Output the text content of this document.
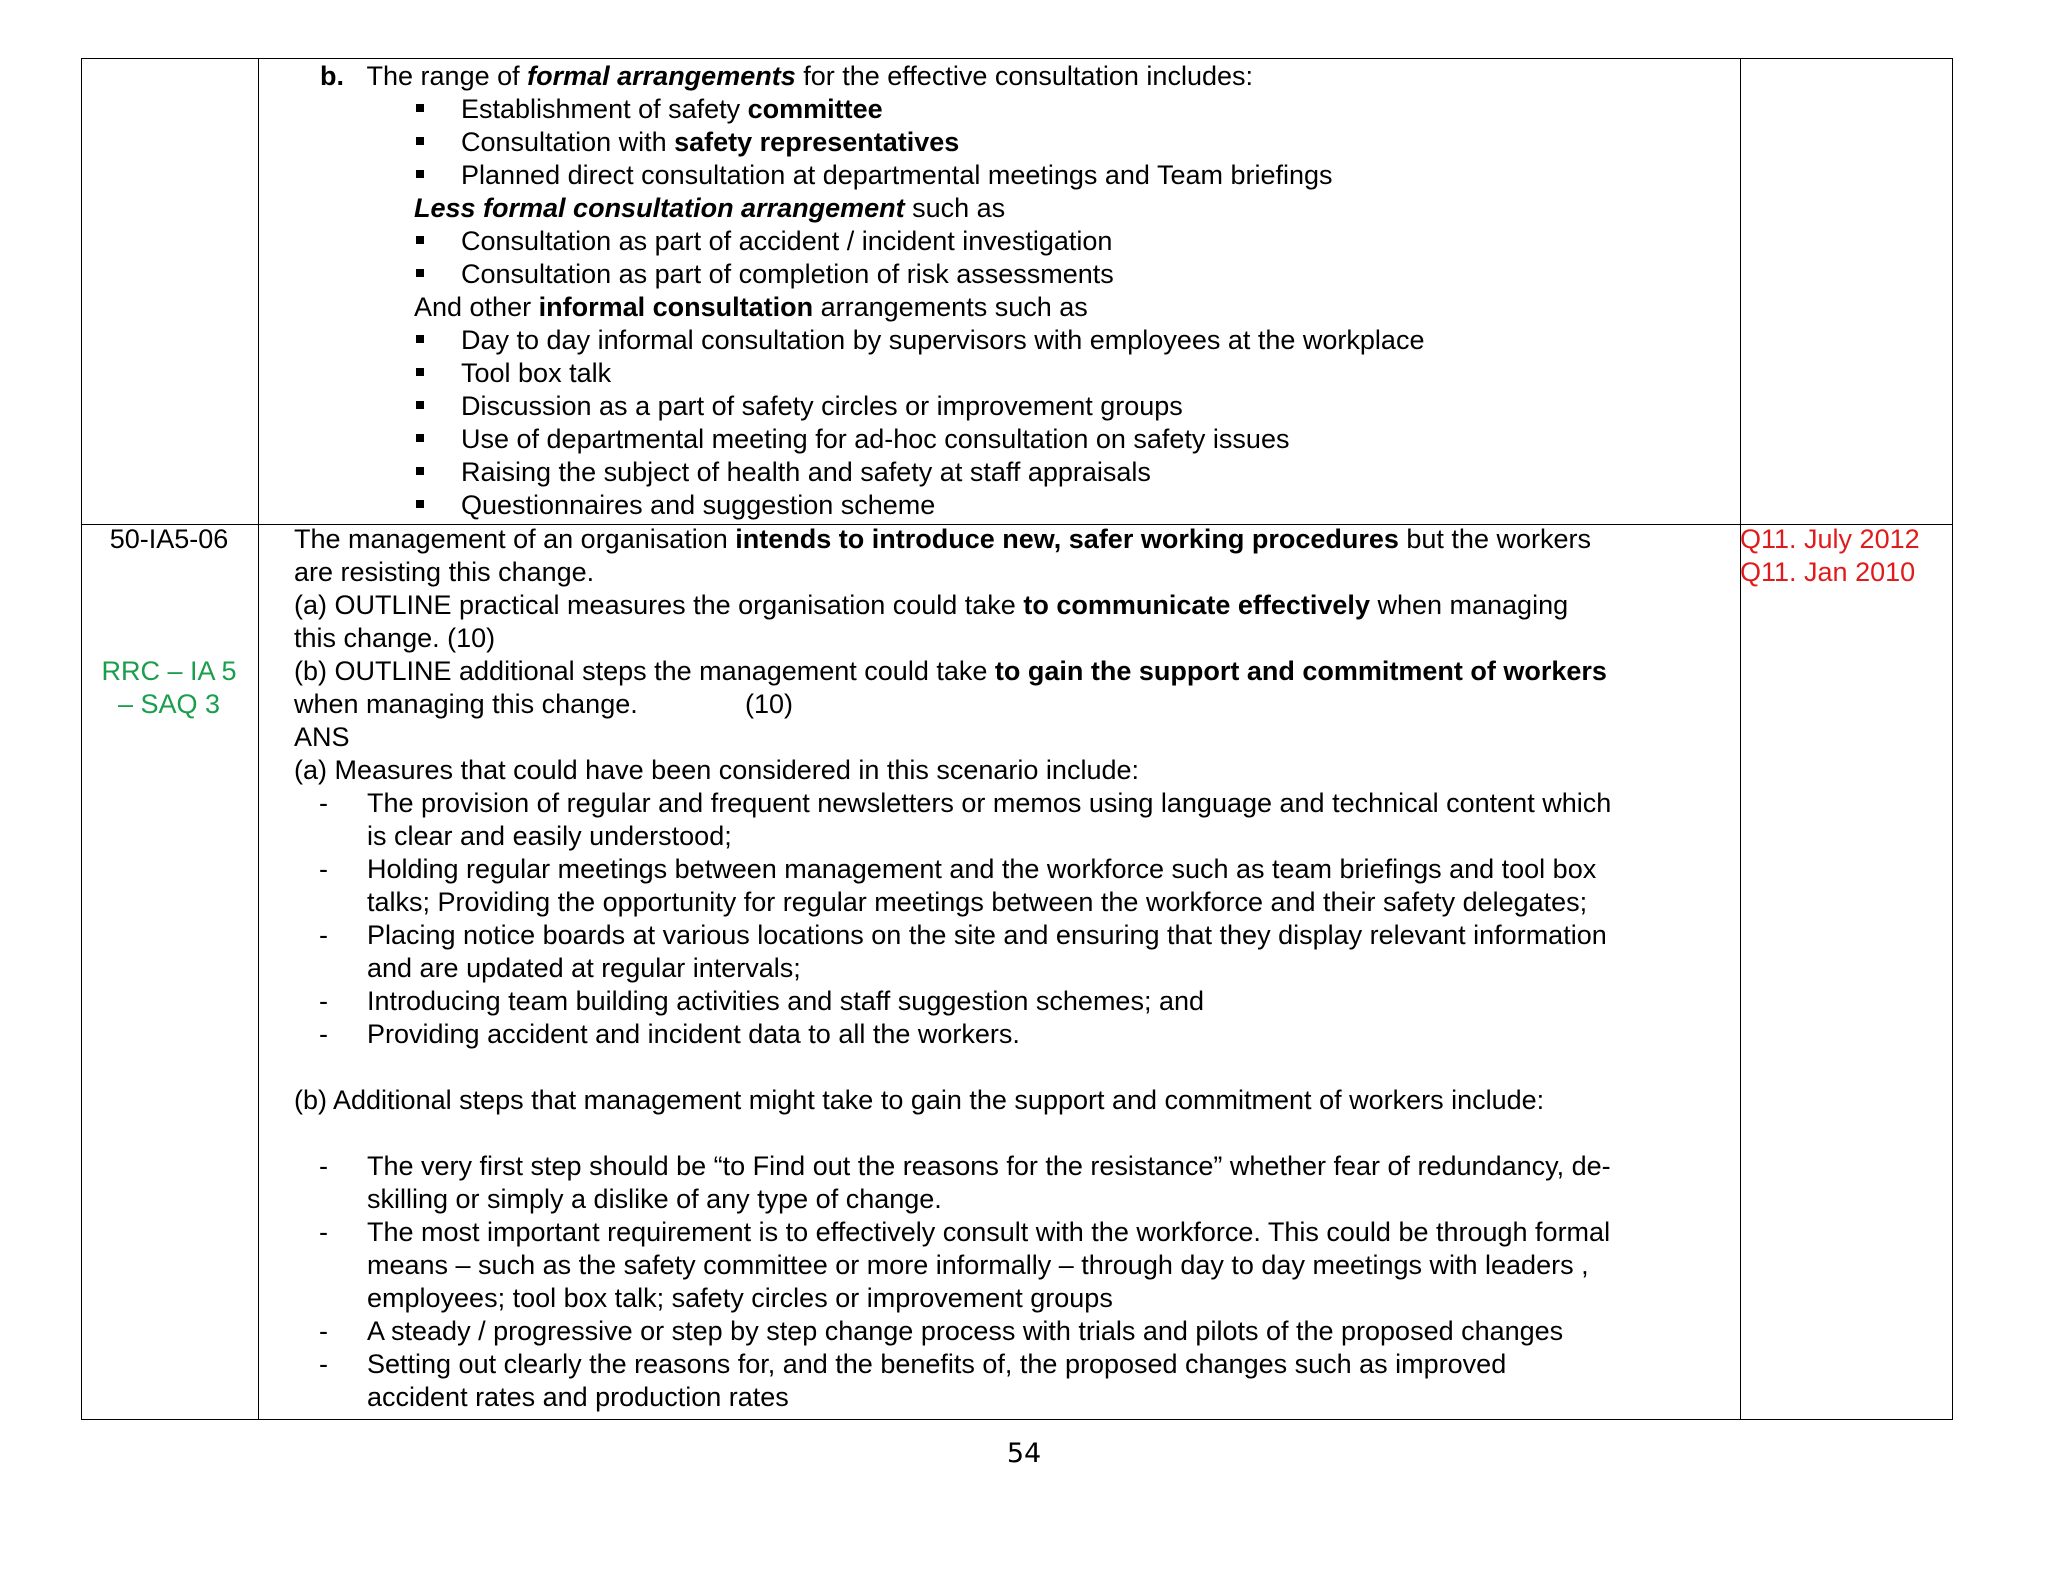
b. The range of formal arrangements for the effective consultation includes:
Establishment of safety committee
Consultation with safety representatives
Planned direct consultation at departmental meetings and Team briefings
Less formal consultation arrangement such as
Consultation as part of accident / incident investigation
Consultation as part of completion of risk assessments
And other informal consultation arrangements such as
Day to day informal consultation by supervisors with employees at the workplace
Tool box talk
Discussion as a part of safety circles or improvement groups
Use of departmental meeting for ad-hoc consultation on safety issues
Raising the subject of health and safety at staff appraisals
Questionnaires and suggestion scheme
50-IA5-06
RRC – IA 5
– SAQ 3
Q11. July 2012
Q11. Jan 2010
The management of an organisation intends to introduce new, safer working procedures but the workers
are resisting this change.
(a) OUTLINE practical measures the organisation could take to communicate effectively when managing
this change. (10)
(b) OUTLINE additional steps the management could take to gain the support and commitment of workers
when managing this change.	(10)
ANS
(a) Measures that could have been considered in this scenario include:
- The provision of regular and frequent newsletters or memos using language and technical content which
is clear and easily understood;
- Holding regular meetings between management and the workforce such as team briefings and tool box
talks; Providing the opportunity for regular meetings between the workforce and their safety delegates;
- Placing notice boards at various locations on the site and ensuring that they display relevant information
and are updated at regular intervals;
- Introducing team building activities and staff suggestion schemes; and
- Providing accident and incident data to all the workers.
(b) Additional steps that management might take to gain the support and commitment of workers include:
- The very first step should be “to Find out the reasons for the resistance” whether fear of redundancy, de-
skilling or simply a dislike of any type of change.
- The most important requirement is to effectively consult with the workforce. This could be through formal
means – such as the safety committee or more informally – through day to day meetings with leaders ,
employees; tool box talk; safety circles or improvement groups
- A steady / progressive or step by step change process with trials and pilots of the proposed changes
- Setting out clearly the reasons for, and the benefits of, the proposed changes such as improved
accident rates and production rates
54
